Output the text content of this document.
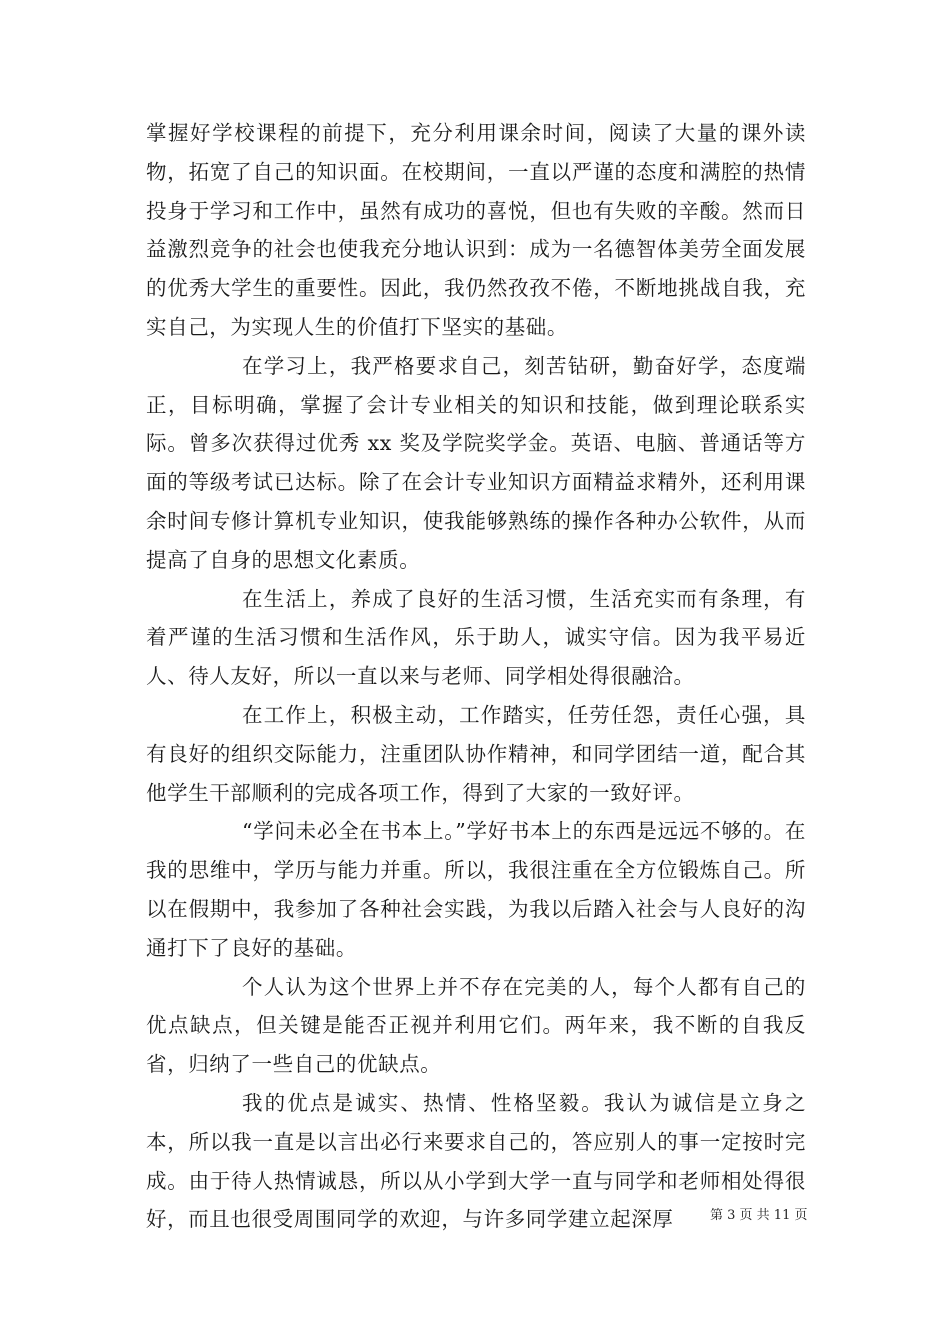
掌握好学校课程的前提下，充分利用课余时间，阅读了大量的课外读物，拓宽了自己的知识面。在校期间，一直以严谨的态度和满腔的热情投身于学习和工作中，虽然有成功的喜悦，但也有失败的辛酸。然而日益激烈竞争的社会也使我充分地认识到：成为一名德智体美劳全面发展的优秀大学生的重要性。因此，我仍然孜孜不倦，不断地挑战自我，充实自己，为实现人生的价值打下坚实的基础。

在学习上，我严格要求自己，刻苦钻研，勤奋好学，态度端正，目标明确，掌握了会计专业相关的知识和技能，做到理论联系实际。曾多次获得过优秀 xx 奖及学院奖学金。英语、电脑、普通话等方面的等级考试已达标。除了在会计专业知识方面精益求精外，还利用课余时间专修计算机专业知识，使我能够熟练的操作各种办公软件，从而提高了自身的思想文化素质。

在生活上，养成了良好的生活习惯，生活充实而有条理，有着严谨的生活习惯和生活作风，乐于助人，诚实守信。因为我平易近人、待人友好，所以一直以来与老师、同学相处得很融洽。

在工作上，积极主动，工作踏实，任劳任怨，责任心强，具有良好的组织交际能力，注重团队协作精神，和同学团结一道，配合其他学生干部顺利的完成各项工作，得到了大家的一致好评。

“学问未必全在书本上。”学好书本上的东西是远远不够的。在我的思维中，学历与能力并重。所以，我很注重在全方位锻炼自己。所以在假期中，我参加了各种社会实践，为我以后踏入社会与人良好的沟通打下了良好的基础。

个人认为这个世界上并不存在完美的人，每个人都有自己的优点缺点，但关键是能否正视并利用它们。两年来，我不断的自我反省，归纳了一些自己的优缺点。

我的优点是诚实、热情、性格坚毅。我认为诚信是立身之本，所以我一直是以言出必行来要求自己的，答应别人的事一定按时完成。由于待人热情诚恳，所以从小学到大学一直与同学和老师相处得很好，而且也很受周围同学的欢迎，与许多同学建立起深厚	第 3 页 共 11 页
